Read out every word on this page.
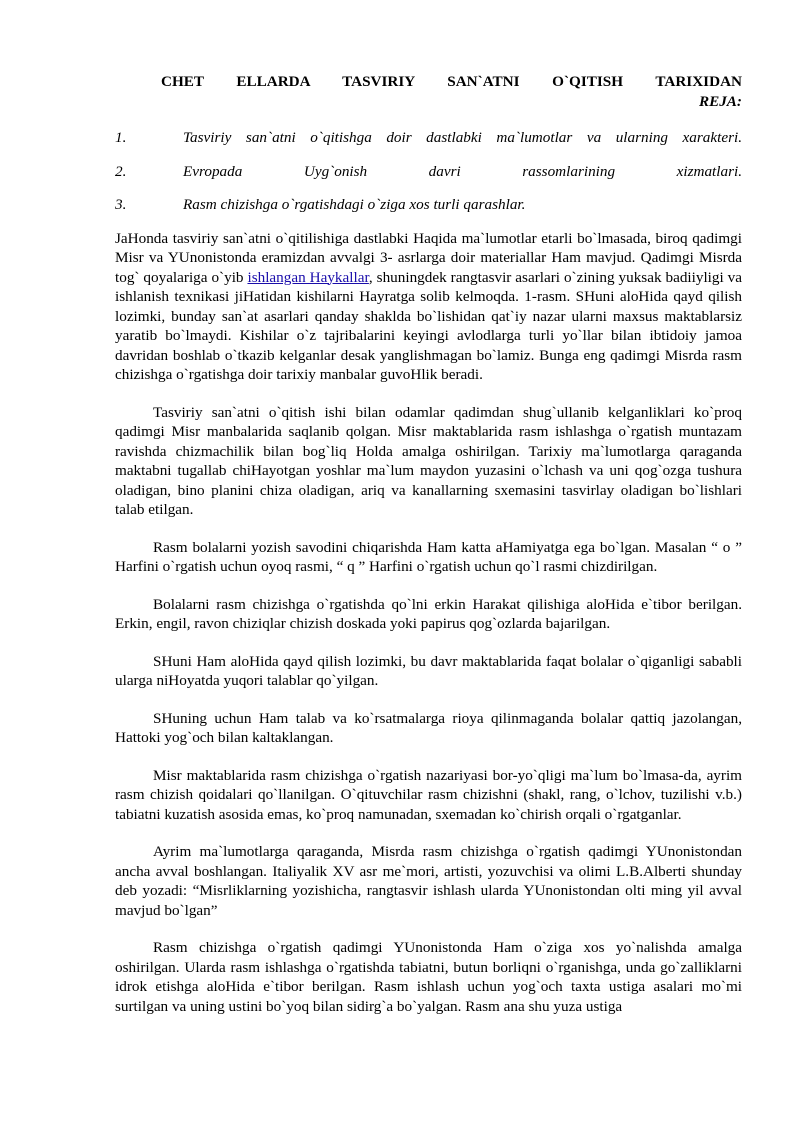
CHET ELLARDA TASVIRIY SAN`ATNI O`QITISH TARIXIDAN

REJA:

1.	Tasviriy san`atni o`qitishga doir dastlabki ma`lumotlar va ularning xarakteri.
2.	Evropada Uyg`onish davri rassomlarining xizmatlari.
3.	Rasm chizishga o`rgatishdagi o`ziga xos turli qarashlar.

JaHonda tasviriy san`atni o`qitilishiga dastlabki Haqida ma`lumotlar etarli bo`lmasada, biroq qadimgi Misr va YUnonistonda eramizdan avvalgi 3- asrlarga doir materiallar Ham mavjud. Qadimgi Misrda tog` qoyalariga o`yib ishlangan Haykallar, shuningdek rangtasvir asarlari o`zining yuksak badiiyligi va ishlanish texnikasi jiHatidan kishilarni Hayratga solib kelmoqda. 1-rasm. SHuni aloHida qayd qilish lozimki, bunday san`at asarlari qanday shaklda bo`lishidan qat`iy nazar ularni maxsus maktablarsiz yaratib bo`lmaydi. Kishilar o`z tajribalarini keyingi avlodlarga turli yo`llar bilan ibtidoiy jamoa davridan boshlab o`tkazib kelganlar desak yanglishmagan bo`lamiz. Bunga eng qadimgi Misrda rasm chizishga o`rgatishga doir tarixiy manbalar guvoHlik beradi.

Tasviriy san`atni o`qitish ishi bilan odamlar qadimdan shug`ullanib kelganliklari ko`proq qadimgi Misr manbalarida saqlanib qolgan. Misr maktablarida rasm ishlashga o`rgatish muntazam ravishda chizmachilik bilan bog`liq Holda amalga oshirilgan. Tarixiy ma`lumotlarga qaraganda maktabni tugallab chiHayotgan yoshlar ma`lum maydon yuzasini o`lchash va uni qog`ozga tushura oladigan, bino planini chiza oladigan, ariq va kanallarning sxemasini tasvirlay oladigan bo`lishlari talab etilgan.

Rasm bolalarni yozish savodini chiqarishda Ham katta aHamiyatga ega bo`lgan. Masalan “ o ” Harfini o`rgatish uchun oyoq rasmi, “ q ” Harfini o`rgatish uchun qo`l rasmi chizdirilgan.

Bolalarni rasm chizishga o`rgatishda qo`lni erkin Harakat qilishiga aloHida e`tibor berilgan. Erkin, engil, ravon chiziqlar chizish doskada yoki papirus qog`ozlarda bajarilgan.

SHuni Ham aloHida qayd qilish lozimki, bu davr maktablarida faqat bolalar o`qiganligi sababli ularga niHoyatda yuqori talablar qo`yilgan.

SHuning uchun Ham talab va ko`rsatmalarga rioya qilinmaganda bolalar qattiq jazolangan, Hattoki yog`och bilan kaltaklangan.

Misr maktablarida rasm chizishga o`rgatish nazariyasi bor-yo`qligi ma`lum bo`lmasa-da, ayrim rasm chizish qoidalari qo`llanilgan. O`qituvchilar rasm chizishni (shakl, rang, o`lchov, tuzilishi v.b.) tabiatni kuzatish asosida emas, ko`proq namunadan, sxemadan ko`chirish orqali o`rgatganlar.

Ayrim ma`lumotlarga qaraganda, Misrda rasm chizishga o`rgatish qadimgi YUnonistondan ancha avval boshlangan. Italiyalik XV asr me`mori, artisti, yozuvchisi va olimi L.B.Alberti shunday deb yozadi: “Misrliklarning yozishicha, rangtasvir ishlash ularda YUnonistondan olti ming yil avval mavjud bo`lgan”

Rasm chizishga o`rgatish qadimgi YUnonistonda Ham o`ziga xos yo`nalishda amalga oshirilgan. Ularda rasm ishlashga o`rgatishda tabiatni, butun borliqni o`rganishga, unda go`zalliklarni idrok etishga aloHida e`tibor berilgan. Rasm ishlash uchun yog`och taxta ustiga asalari mo`mi surtilgan va uning ustini bo`yoq bilan sidirg`a bo`yalgan. Rasm ana shu yuza ustiga
